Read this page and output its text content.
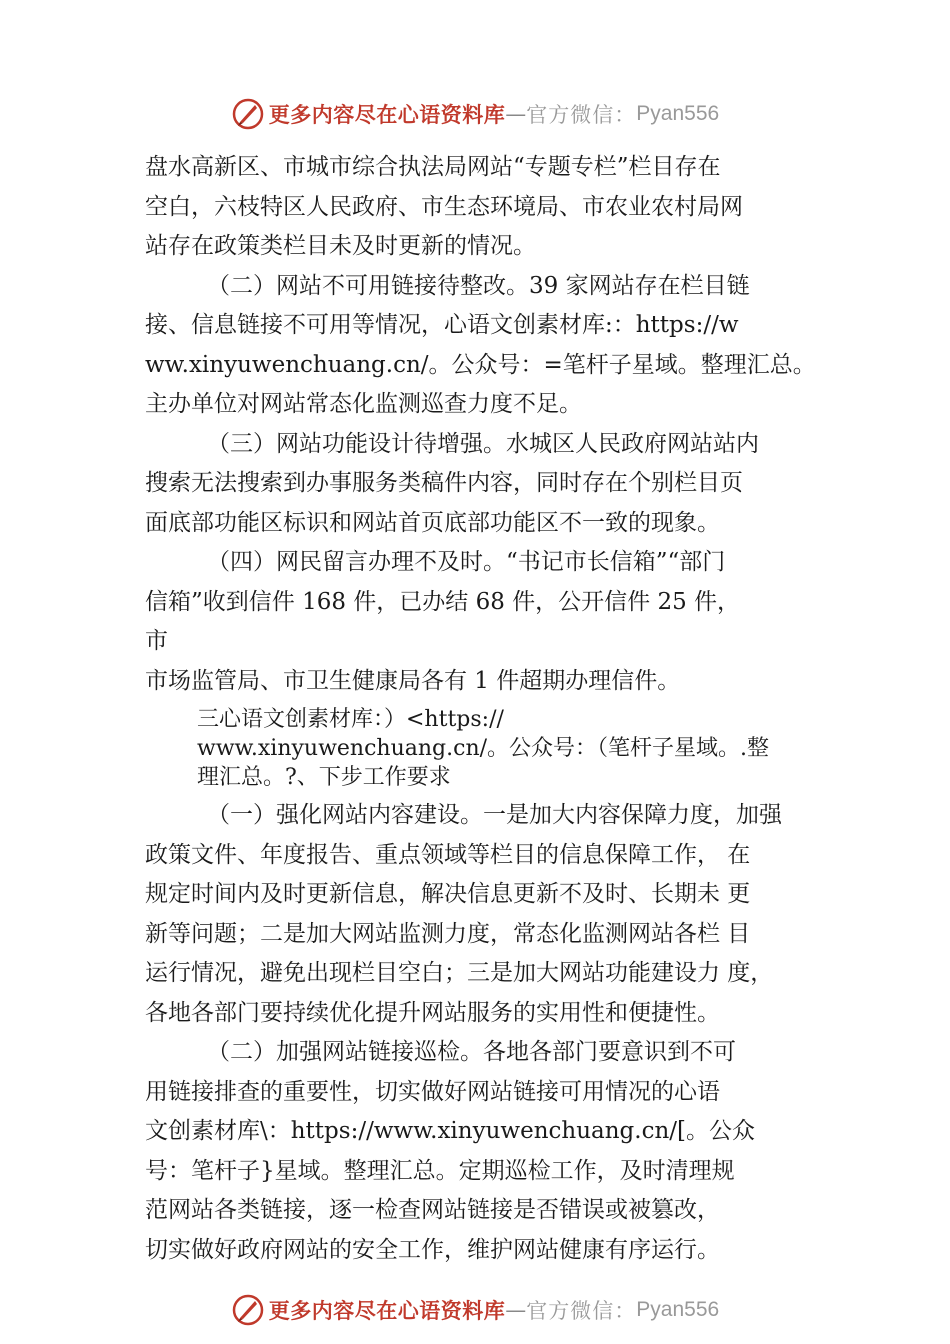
更多内容尽在心语资料库 — 官方微信： Pyan556

盘水高新区、市城市综合执法局网站“专题专栏”栏目存在

空白，六枝特区人民政府、市生态环境局、市农业农村局网

站存在政策类栏目未及时更新的情况。

（二）网站不可用链接待整改。39 家网站存在栏目链

接、信息链接不可用等情况，心语文创素材库:：https://w

ww.xinyuwenchuang.cn/。公众号：=笔杆子星域。整理汇总。

主办单位对网站常态化监测巡查力度不足。

（三）网站功能设计待增强。水城区人民政府网站站内

搜索无法搜索到办事服务类稿件内容，同时存在个别栏目页

面底部功能区标识和网站首页底部功能区不一致的现象。

（四）网民留言办理不及时。“书记市长信箱”“部门

信箱”收到信件 168 件，已办结 68 件，公开信件 25 件，

市

市场监管局、市卫生健康局各有 1 件超期办理信件。

三心语文创素材库：）<https://

www.xinyuwenchuang.cn/。公众号：（笔杆子星域。.整

理汇总。?、下步工作要求

（一）强化网站内容建设。一是加大内容保障力度，加强

政策文件、年度报告、重点领域等栏目的信息保障工作， 在

规定时间内及时更新信息，解决信息更新不及时、长期未 更

新等问题；二是加大网站监测力度，常态化监测网站各栏 目

运行情况，避免出现栏目空白；三是加大网站功能建设力 度，

各地各部门要持续优化提升网站服务的实用性和便捷性。

（二）加强网站链接巡检。各地各部门要意识到不可

用链接排查的重要性，切实做好网站链接可用情况的心语

文创素材库\：https://www.xinyuwenchuang.cn/[。公众

号：笔杆子}星域。整理汇总。定期巡检工作，及时清理规

范网站各类链接，逐一检查网站链接是否错误或被篡改，

切实做好政府网站的安全工作，维护网站健康有序运行。

更多内容尽在心语资料库 — 官方微信： Pyan556
